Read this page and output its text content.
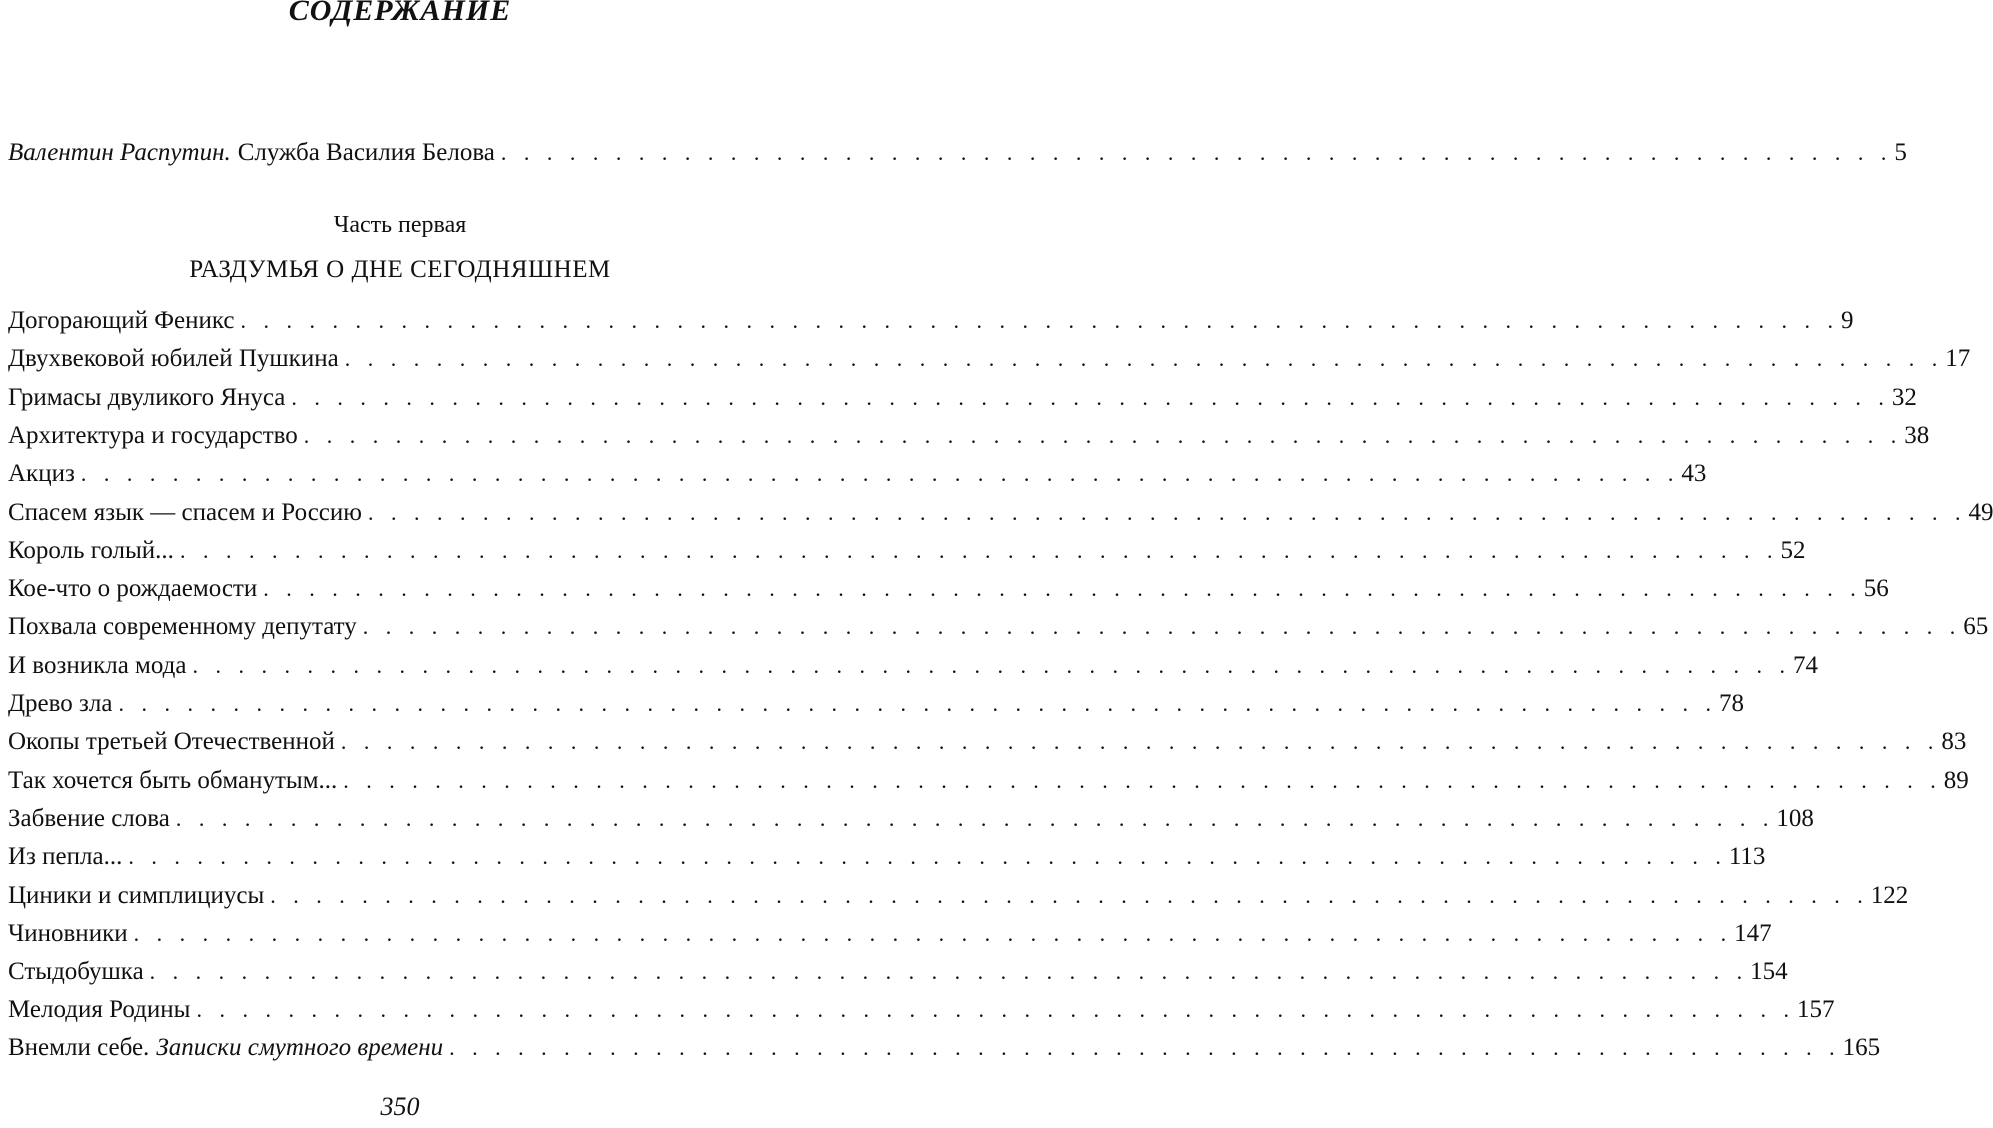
СОДЕРЖАНИЕ
Валентин Распутин. Служба Василия Белова . . . . . . . . . . . . . . . . . . . . . . . . . . . . . . . . . . . . . . . . . . . . . . . . . . . . . . . . . . . . . 5
Часть первая
РАЗДУМЬЯ О ДНЕ СЕГОДНЯШНЕМ
Догорающий Феникс . . . . . . . . . . . . . . . . . . . . . . . . . . . . . . . . . . . . . . . . . . . . . . . . . . . . . . . . . . . . . . . . . . . . . . 9
Двухвековой юбилей Пушкина . . . . . . . . . . . . . . . . . . . . . . . . . . . . . . . . . . . . . . . . . . . . . . . . . . . . . . . . . . . . . . . . . . . . . . 17
Гримасы двуликого Януса . . . . . . . . . . . . . . . . . . . . . . . . . . . . . . . . . . . . . . . . . . . . . . . . . . . . . . . . . . . . . . . . . . . . . . 32
Архитектура и государство . . . . . . . . . . . . . . . . . . . . . . . . . . . . . . . . . . . . . . . . . . . . . . . . . . . . . . . . . . . . . . . . . . . . . . 38
Акциз . . . . . . . . . . . . . . . . . . . . . . . . . . . . . . . . . . . . . . . . . . . . . . . . . . . . . . . . . . . . . . . . . . . . . . 43
Спасем язык — спасем и Россию . . . . . . . . . . . . . . . . . . . . . . . . . . . . . . . . . . . . . . . . . . . . . . . . . . . . . . . . . . . . . . . . . . . . . . 49
Король голый... . . . . . . . . . . . . . . . . . . . . . . . . . . . . . . . . . . . . . . . . . . . . . . . . . . . . . . . . . . . . . . . . . . . . . . 52
Кое-что о рождаемости . . . . . . . . . . . . . . . . . . . . . . . . . . . . . . . . . . . . . . . . . . . . . . . . . . . . . . . . . . . . . . . . . . . . . . 56
Похвала современному депутату . . . . . . . . . . . . . . . . . . . . . . . . . . . . . . . . . . . . . . . . . . . . . . . . . . . . . . . . . . . . . . . . . . . . . . 65
И возникла мода . . . . . . . . . . . . . . . . . . . . . . . . . . . . . . . . . . . . . . . . . . . . . . . . . . . . . . . . . . . . . . . . . . . . . . 74
Древо зла . . . . . . . . . . . . . . . . . . . . . . . . . . . . . . . . . . . . . . . . . . . . . . . . . . . . . . . . . . . . . . . . . . . . . . 78
Окопы третьей Отечественной . . . . . . . . . . . . . . . . . . . . . . . . . . . . . . . . . . . . . . . . . . . . . . . . . . . . . . . . . . . . . . . . . . . . . . 83
Так хочется быть обманутым... . . . . . . . . . . . . . . . . . . . . . . . . . . . . . . . . . . . . . . . . . . . . . . . . . . . . . . . . . . . . . . . . . . . . . . 89
Забвение слова . . . . . . . . . . . . . . . . . . . . . . . . . . . . . . . . . . . . . . . . . . . . . . . . . . . . . . . . . . . . . . . . . . . . . . 108
Из пепла... . . . . . . . . . . . . . . . . . . . . . . . . . . . . . . . . . . . . . . . . . . . . . . . . . . . . . . . . . . . . . . . . . . . . . . 113
Циники и симплициусы . . . . . . . . . . . . . . . . . . . . . . . . . . . . . . . . . . . . . . . . . . . . . . . . . . . . . . . . . . . . . . . . . . . . . . 122
Чиновники . . . . . . . . . . . . . . . . . . . . . . . . . . . . . . . . . . . . . . . . . . . . . . . . . . . . . . . . . . . . . . . . . . . . . . 147
Стыдобушка . . . . . . . . . . . . . . . . . . . . . . . . . . . . . . . . . . . . . . . . . . . . . . . . . . . . . . . . . . . . . . . . . . . . . . 154
Мелодия Родины . . . . . . . . . . . . . . . . . . . . . . . . . . . . . . . . . . . . . . . . . . . . . . . . . . . . . . . . . . . . . . . . . . . . . . 157
Внемли себе. Записки смутного времени . . . . . . . . . . . . . . . . . . . . . . . . . . . . . . . . . . . . . . . . . . . . . . . . . . . . . . . . . . . . . 165
350
